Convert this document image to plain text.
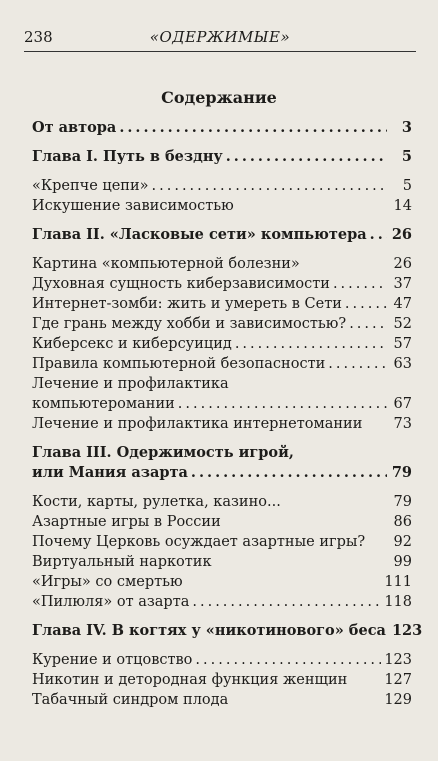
238	«ОДЕРЖИМЫЕ»
Содержание
От автора .....	3
Глава I. Путь в бездну .....	5
«Крепче цепи» .....	5
Искушение зависимостью	14
Глава II. «Ласковые сети» компьютера ..... 26
Картина «компьютерной болезни»	26
Духовная сущность киберзависимости .....	37
Интернет-зомби: жить и умереть в Сети .....	47
Где грань между хобби и зависимостью? .....	52
Киберсекс и киберсуицид .....	57
Правила компьютерной безопасности .....	63
Лечение и профилактика
компьютеромании .....	67
Лечение и профилактика интернетомании 73
Глава III. Одержимость игрой,
или Мания азарта .....	79
Кости, карты, рулетка, казино...	79
Азартные игры в России	86
Почему Церковь осуждает азартные игры? 92
Виртуальный наркотик	99
«Игры» со смертью	111
«Пилюля» от азарта .....	118
Глава IV. В когтях у «никотинового» беса 123
Курение и отцовство .....	123
Никотин и детородная функция женщин	127
Табачный синдром плода	129
